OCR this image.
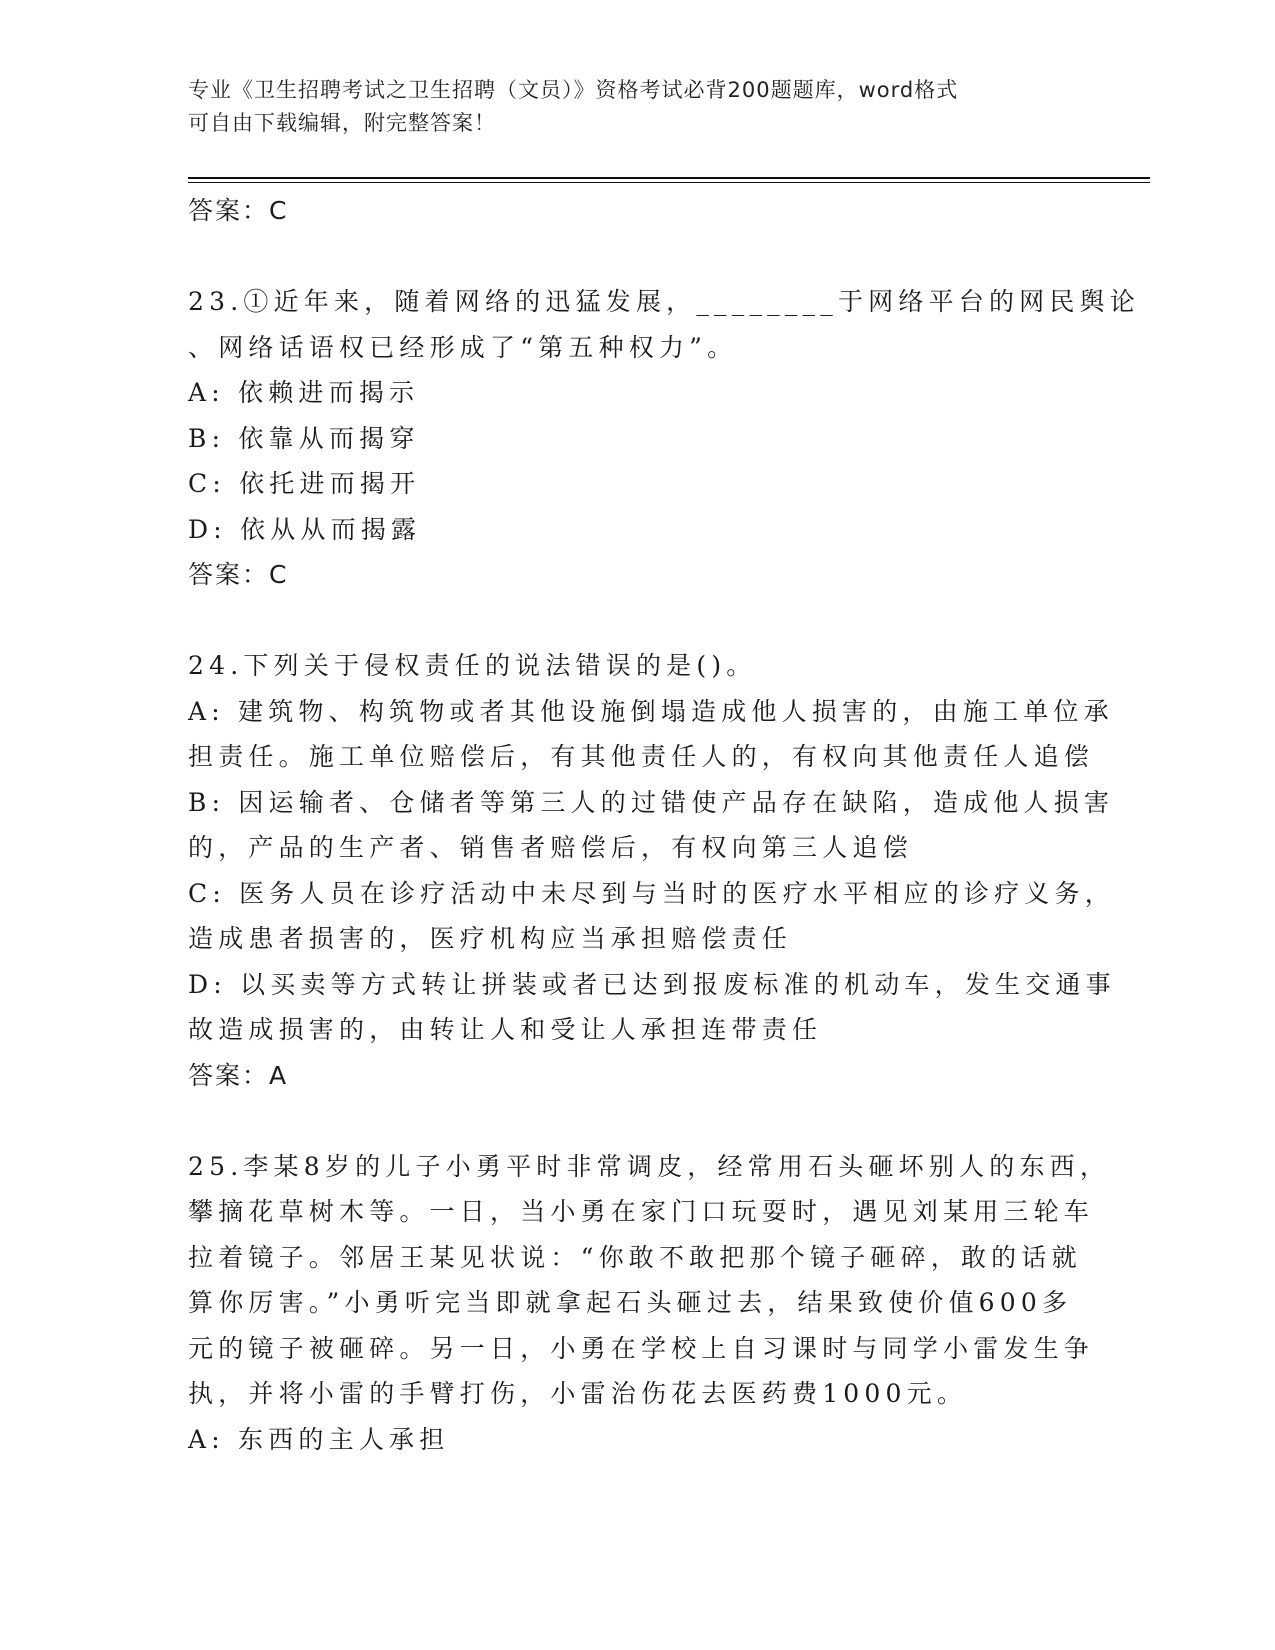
专业《卫生招聘考试之卫生招聘（文员）》资格考试必背200题题库，word格式
可自由下载编辑，附完整答案！
答案：C
23.①近年来，随着网络的迅猛发展，________于网络平台的网民舆论
、网络话语权已经形成了“第五种权力”。
A: 依赖进而揭示
B: 依靠从而揭穿
C: 依托进而揭开
D: 依从从而揭露
答案：C
24.下列关于侵权责任的说法错误的是()。
A: 建筑物、构筑物或者其他设施倒塌造成他人损害的，由施工单位承
担责任。施工单位赔偿后，有其他责任人的，有权向其他责任人追偿
B: 因运输者、仓储者等第三人的过错使产品存在缺陷，造成他人损害
的，产品的生产者、销售者赔偿后，有权向第三人追偿
C: 医务人员在诊疗活动中未尽到与当时的医疗水平相应的诊疗义务，
造成患者损害的，医疗机构应当承担赔偿责任
D: 以买卖等方式转让拼装或者已达到报废标准的机动车，发生交通事
故造成损害的，由转让人和受让人承担连带责任
答案：A
25.李某8岁的儿子小勇平时非常调皮，经常用石头砸坏别人的东西，
攀摘花草树木等。一日，当小勇在家门口玩耍时，遇见刘某用三轮车
拉着镜子。邻居王某见状说：“你敢不敢把那个镜子砸碎，敢的话就
算你厉害。”小勇听完当即就拿起石头砸过去，结果致使价值600多
元的镜子被砸碎。另一日，小勇在学校上自习课时与同学小雷发生争
执，并将小雷的手臂打伤，小雷治伤花去医药费1000元。
A: 东西的主人承担
